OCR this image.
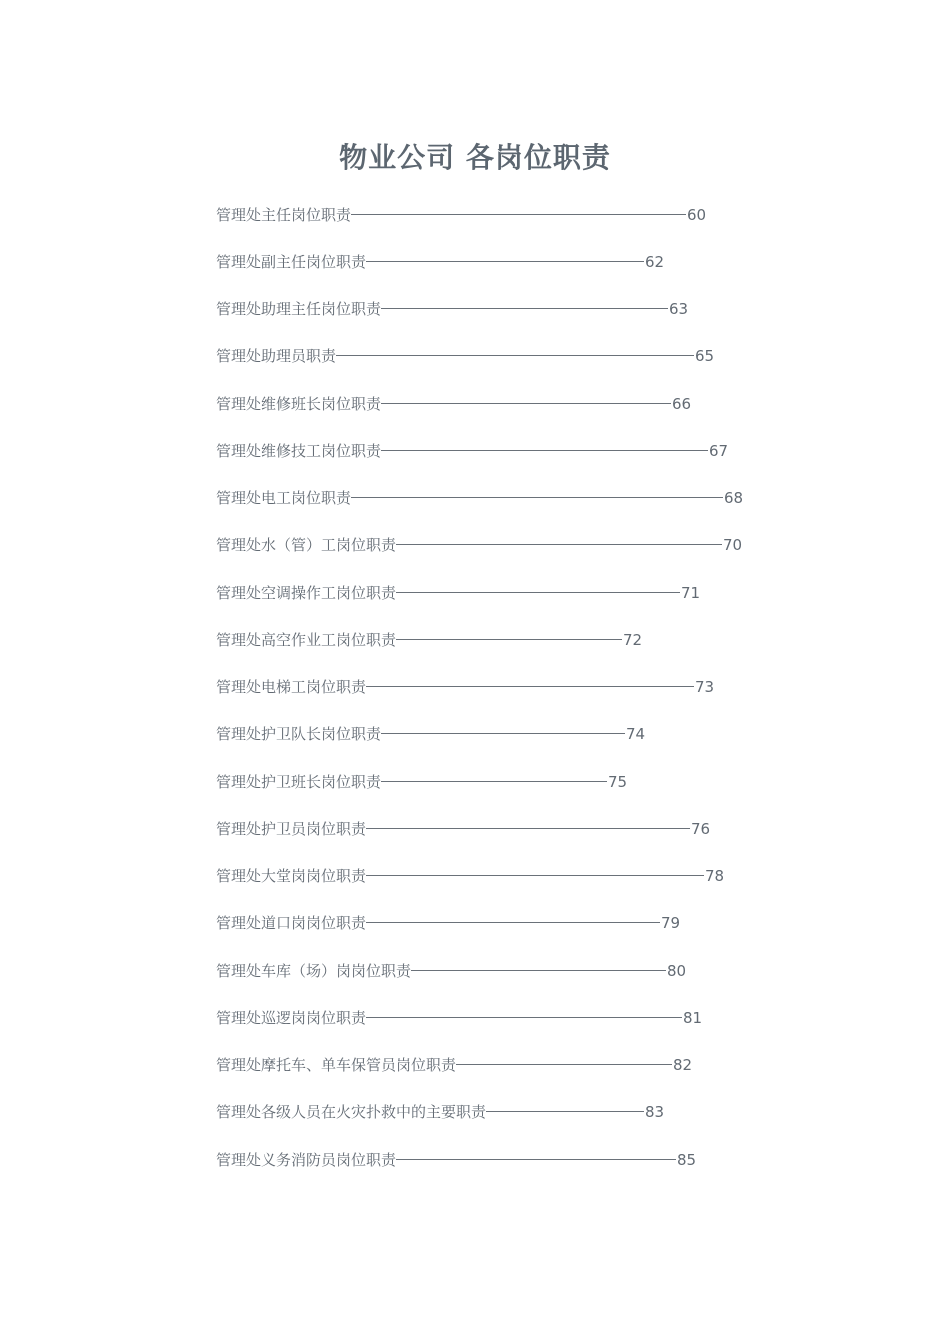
物业公司 各岗位职责
管理处主任岗位职责	60
管理处副主任岗位职责	62
管理处助理主任岗位职责	63
管理处助理员职责	65
管理处维修班长岗位职责	66
管理处维修技工岗位职责	67
管理处电工岗位职责	68
管理处水（管）工岗位职责	70
管理处空调操作工岗位职责	71
管理处高空作业工岗位职责	72
管理处电梯工岗位职责	73
管理处护卫队长岗位职责	74
管理处护卫班长岗位职责	75
管理处护卫员岗位职责	76
管理处大堂岗岗位职责	78
管理处道口岗岗位职责	79
管理处车库（场）岗岗位职责	80
管理处巡逻岗岗位职责	81
管理处摩托车、单车保管员岗位职责	82
管理处各级人员在火灾扑救中的主要职责	83
管理处义务消防员岗位职责	85
